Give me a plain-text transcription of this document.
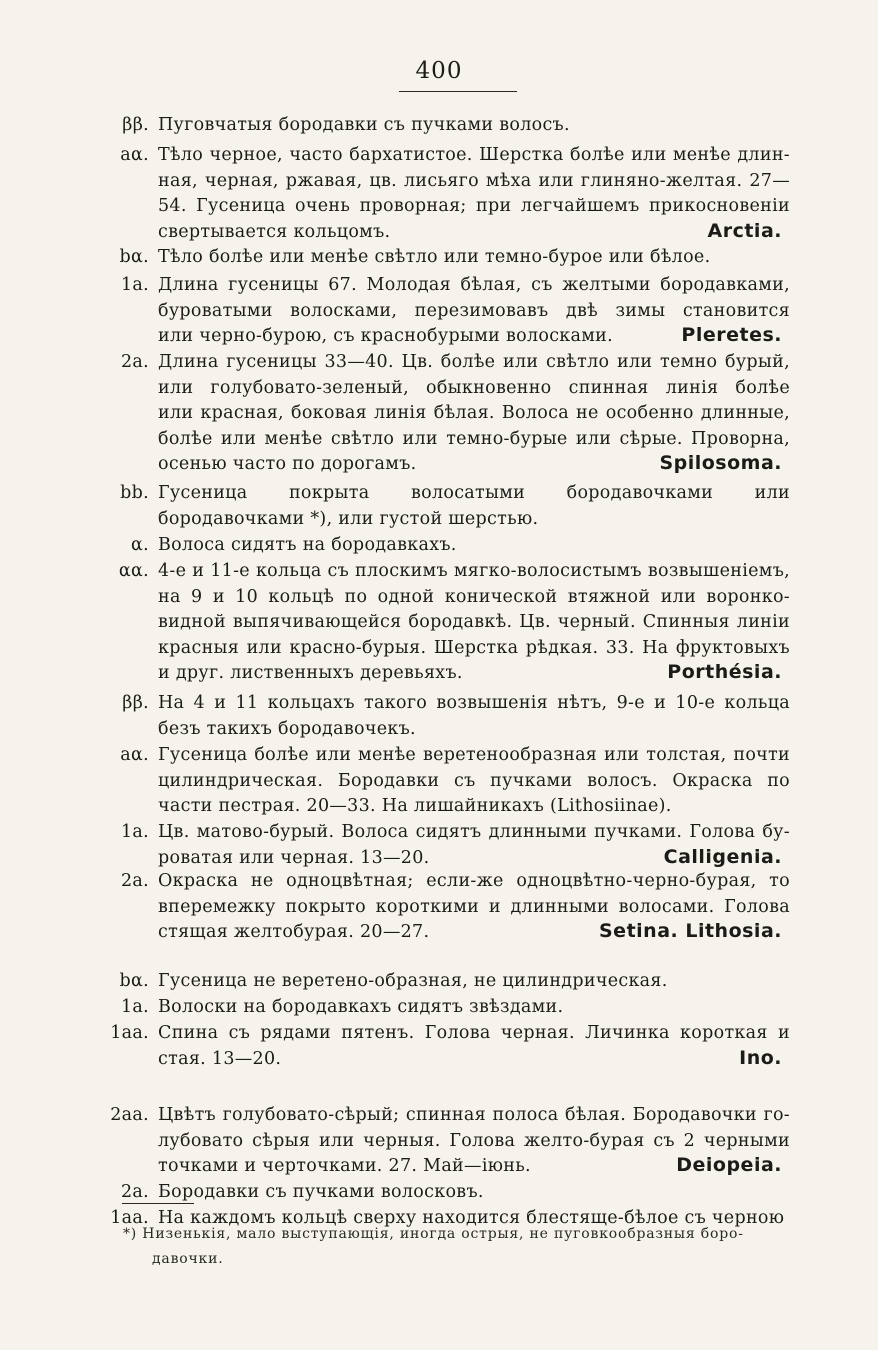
400
ββ. Пуговчатыя бородавки съ пучками волосъ.
aα. Тѣло черное, часто бархатистое. Шерстка болѣе или менѣе длин-
ная, черная, ржавая, цв. лисьяго мѣха или глиняно-желтая. 27—
54. Гусеница очень проворная; при легчайшемъ прикосновеніи
свертывается кольцомъ.	Arctia.
bα. Тѣло болѣе или менѣе свѣтло или темно-бурое или бѣлое.
1a. Длина гусеницы 67. Молодая бѣлая, съ желтыми бородавками,
буроватыми волосками, перезимовавъ двѣ зимы становится
или черно-бурою, съ краснобурыми волосками.	Pleretes.
2a. Длина гусеницы 33—40. Цв. болѣе или свѣтло или темно бурый,
или голубовато-зеленый, обыкновенно спинная линія болѣе
или красная, боковая линія бѣлая. Волоса не особенно длинные,
болѣе или менѣе свѣтло или темно-бурые или сѣрые. Проворна,
осенью часто по дорогамъ.	Spilosoma.
bb. Гусеница покрыта волосатыми бородавочками или
бородавочками *), или густой шерстью.
α. Волоса сидятъ на бородавкахъ.
αα. 4-е и 11-е кольца съ плоскимъ мягко-волосистымъ возвышеніемъ,
на 9 и 10 кольцѣ по одной конической втяжной или воронко-
видной выпячивающейся бородавкѣ. Цв. черный. Спинныя линіи
красныя или красно-бурыя. Шерстка рѣдкая. 33. На фруктовыхъ
и друг. лиственныхъ деревьяхъ.	Porthésia.
ββ. На 4 и 11 кольцахъ такого возвышенія нѣтъ, 9-е и 10-е кольца
безъ такихъ бородавочекъ.
aα. Гусеница болѣе или менѣе веретенообразная или толстая, почти
цилиндрическая. Бородавки съ пучками волосъ. Окраска по
части пестрая. 20—33. На лишайникахъ (Lithosiinae).
1a. Цв. матово-бурый. Волоса сидятъ длинными пучками. Голова бу-
роватая или черная. 13—20.	Calligenia.
2a. Окраска не одноцвѣтная; если-же одноцвѣтно-черно-бурая, то
вперемежку покрыто короткими и длинными волосами. Голова
стящая желтобурая. 20—27.	Setina. Lithosia.
bα. Гусеница не веретено-образная, не цилиндрическая.
1a. Волоски на бородавкахъ сидятъ звѣздами.
1aa. Спина съ рядами пятенъ. Голова черная. Личинка короткая и
стая. 13—20.	Ino.
2aa. Цвѣтъ голубовато-сѣрый; спинная полоса бѣлая. Бородавочки го-
лубовато сѣрыя или черныя. Голова желто-бурая съ 2 черными
точками и черточками. 27. Май—іюнь.	Deiopeia.
2a. Бородавки съ пучками волосковъ.
1aa. На каждомъ кольцѣ сверху находится блестяще-бѣлое съ черною
*) Низенькія, мало выступающія, иногда острыя, не пуговкообразныя боро-
давочки.
